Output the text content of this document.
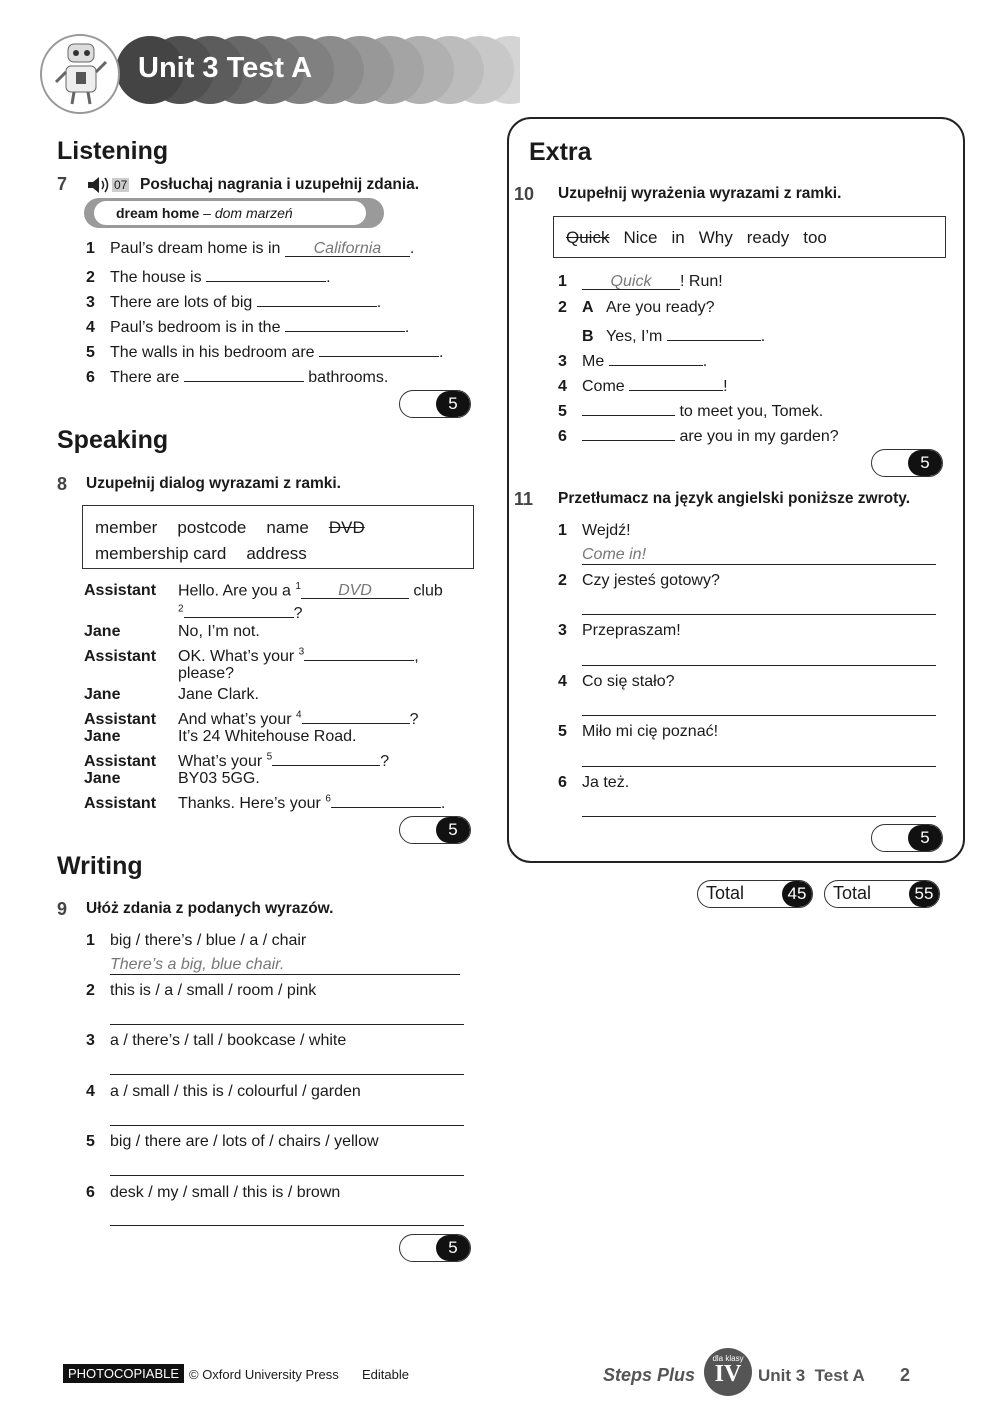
Unit 3 Test A
Listening
7	07 Posłuchaj nagrania i uzupełnij zdania.
dream home – dom marzeń
1 Paul’s dream home is in California .
2 The house is	.
3 There are lots of big	.
4 Paul’s bedroom is in the	.
5 The walls in his bedroom are	.
6 There are	bathrooms.
5
Speaking
8 Uzupełnij dialog wyrazami z ramki.
member postcode name DVD
membership card address
Assistant Hello. Are you a $^1$ DVD	club
$^2$	?
Jane	No, I’m not.
Assistant OK. What’s your $^3$	,
please?
Jane	Jane Clark.
Assistant And what’s your $^4$	?
Jane	It’s 24 Whitehouse Road.
Assistant What’s your $^5$	?
Jane	BY03 5GG.
Assistant Thanks. Here’s your $^6$	.
5
Writing
9 Ułóż zdania z podanych wyrazów.
1 big / there’s / blue / a / chair
There’s a big, blue chair.
2 this is / a / small / room / pink
3 a / there’s / tall / bookcase / white
4 a / small / this is / colourful / garden
5 big / there are / lots of / chairs / yellow
6 desk / my / small / this is / brown
5
Extra
10 Uzupełnij wyrażenia wyrazami z ramki.
Quick Nice in Why ready too
1	Quick ! Run!
2 A Are you ready?
B Yes, I’m	.
3 Me	.
4 Come	!
5	to meet you, Tomek.
6	are you in my garden?
5
11 Przetłumacz na język angielski poniższe zwroty.
1 Wejdź!
Come in!
2 Czy jesteś gotowy?
3 Przepraszam!
4 Co się stało?
5 Miło mi cię poznać!
6 Ja też.
5
Total	45	Total	55
PHOTOCOPIABLE © Oxford University Press Editable	Steps Plus
dla klasy
IV Unit 3  Test A 2
